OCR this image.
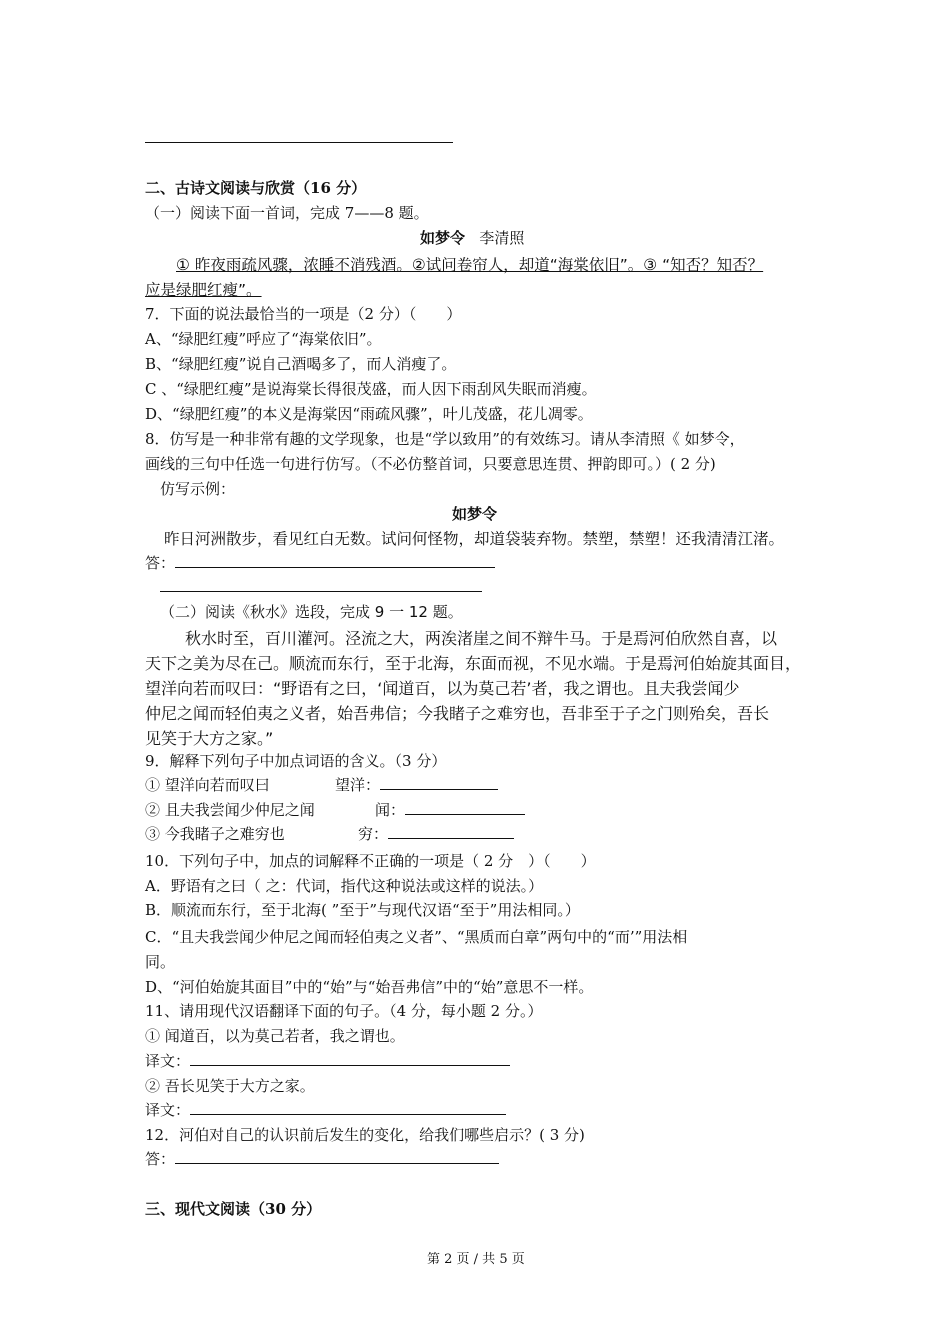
二、古诗文阅读与欣赏（16 分）
（一）阅读下面一首词，完成 7——8 题。
如梦令 李清照
① 昨夜雨疏风骤，浓睡不消残酒。②试问卷帘人，却道“海棠依旧”。③ “知否？知否？
应是绿肥红瘦”。
7．下面的说法最恰当的一项是（2 分）（　　）
A、“绿肥红瘦”呼应了“海棠依旧”。
B、“绿肥红瘦”说自己酒喝多了，而人消瘦了。
C 、“绿肥红瘦”是说海棠长得很茂盛，而人因下雨刮风失眠而消瘦。
D、“绿肥红瘦”的本义是海棠因“雨疏风骤”，叶儿茂盛，花儿凋零。
8．仿写是一种非常有趣的文学现象，也是“学以致用”的有效练习。请从李清照《 如梦令，
画线的三句中任选一句进行仿写。（不必仿整首词，只要意思连贯、押韵即可。）( 2 分)
仿写示例：
如梦令
昨日河洲散步，看见红白无数。试问何怪物，却道袋装弃物。禁塑，禁塑！还我清清江渚。
答：
（二）阅读《秋水》选段，完成 9 一 12 题。
秋水时至，百川灌河。泾流之大，两涘渚崖之间不辩牛马。于是焉河伯欣然自喜，以
天下之美为尽在己。顺流而东行，至于北海，东面而视，不见水端。于是焉河伯始旋其面目，
望洋向若而叹曰：“野语有之曰，‘闻道百，以为莫己若’者，我之谓也。且夫我尝闻少
仲尼之闻而轻伯夷之义者，始吾弗信；今我睹子之难穷也，吾非至于子之门则殆矣，吾长
见笑于大方之家。”
9．解释下列句子中加点词语的含义。（3 分）
① 望洋向若而叹曰	望洋：
② 且夫我尝闻少仲尼之闻	闻：
③ 今我睹子之难穷也	穷：
10．下列句子中，加点的词解释不正确的一项是（ 2 分　）（　　）
A．野语有之曰（ 之：代词，指代这种说法或这样的说法。）
B．顺流而东行，至于北海( ”至于”与现代汉语“至于”用法相同。）
C．“且夫我尝闻少仲尼之闻而轻伯夷之义者”、“黑质而白章”两句中的“而’”用法相
同。
D、“河伯始旋其面目”中的“始”与“始吾弗信”中的“始”意思不一样。
11、请用现代汉语翻译下面的句子。（4 分，每小题 2 分。）
① 闻道百，以为莫己若者，我之谓也。
译文：
② 吾长见笑于大方之家。
译文：
12．河伯对自己的认识前后发生的变化，给我们哪些启示？( 3 分)
答：
三、现代文阅读（30 分）
第 2 页 / 共 5 页
